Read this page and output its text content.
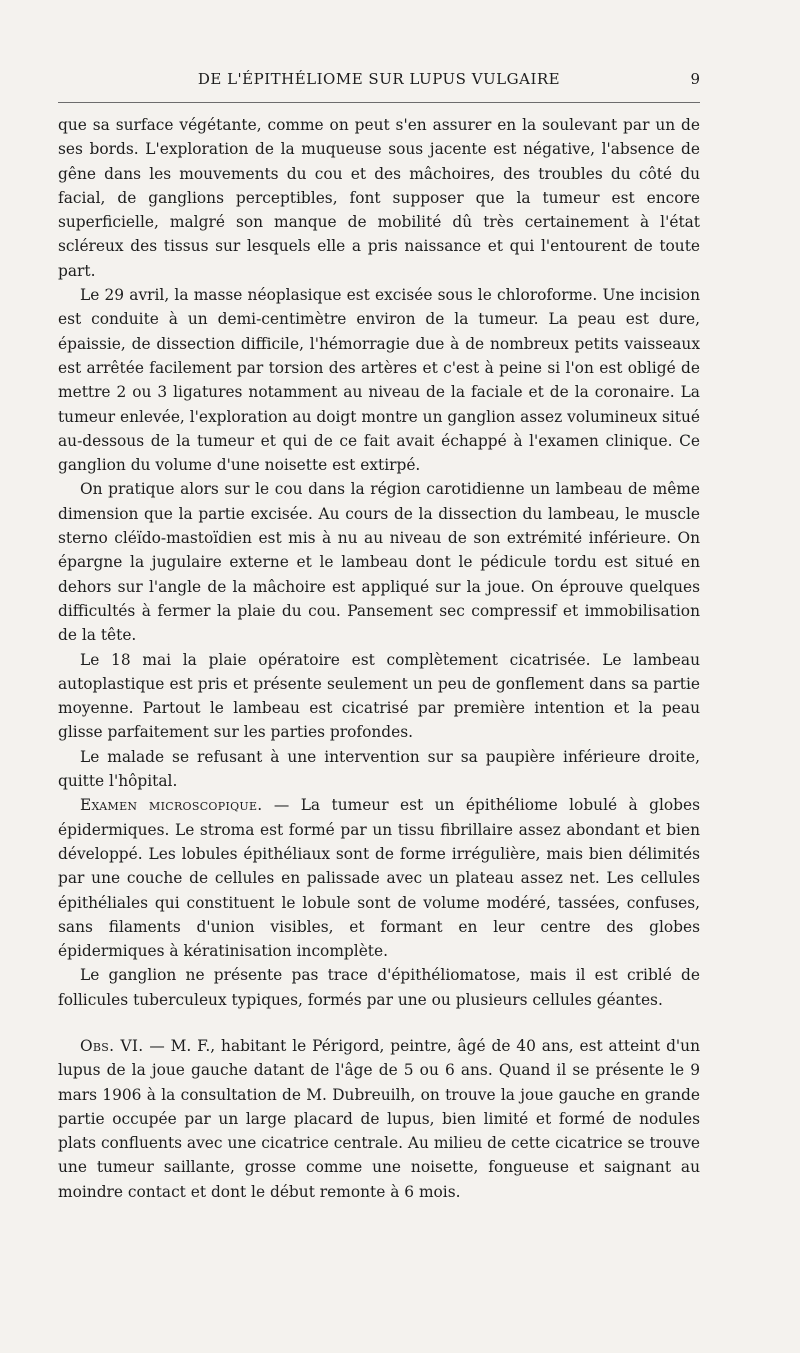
DE L'ÉPITHÉLIOME SUR LUPUS VULGAIRE	9

que sa surface végétante, comme on peut s'en assurer en la soulevant par un de ses bords. L'exploration de la muqueuse sous jacente est négative, l'absence de gêne dans les mouvements du cou et des mâchoires, des troubles du côté du facial, de ganglions perceptibles, font supposer que la tumeur est encore superficielle, malgré son manque de mobilité dû très certainement à l'état scléreux des tissus sur lesquels elle a pris naissance et qui l'entourent de toute part.

Le 29 avril, la masse néoplasique est excisée sous le chloroforme. Une incision est conduite à un demi-centimètre environ de la tumeur. La peau est dure, épaissie, de dissection difficile, l'hémorragie due à de nombreux petits vaisseaux est arrêtée facilement par torsion des artères et c'est à peine si l'on est obligé de mettre 2 ou 3 ligatures notamment au niveau de la faciale et de la coronaire. La tumeur enlevée, l'exploration au doigt montre un ganglion assez volumineux situé au-dessous de la tumeur et qui de ce fait avait échappé à l'examen clinique. Ce ganglion du volume d'une noisette est extirpé.

On pratique alors sur le cou dans la région carotidienne un lambeau de même dimension que la partie excisée. Au cours de la dissection du lambeau, le muscle sterno cléïdo-mastoïdien est mis à nu au niveau de son extrémité inférieure. On épargne la jugulaire externe et le lambeau dont le pédicule tordu est situé en dehors sur l'angle de la mâchoire est appliqué sur la joue. On éprouve quelques difficultés à fermer la plaie du cou. Pansement sec compressif et immobilisation de la tête.

Le 18 mai la plaie opératoire est complètement cicatrisée. Le lambeau autoplastique est pris et présente seulement un peu de gonflement dans sa partie moyenne. Partout le lambeau est cicatrisé par première intention et la peau glisse parfaitement sur les parties profondes.

Le malade se refusant à une intervention sur sa paupière inférieure droite, quitte l'hôpital.

Examen microscopique. — La tumeur est un épithéliome lobulé à globes épidermiques. Le stroma est formé par un tissu fibrillaire assez abondant et bien développé. Les lobules épithéliaux sont de forme irrégulière, mais bien délimités par une couche de cellules en palissade avec un plateau assez net. Les cellules épithéliales qui constituent le lobule sont de volume modéré, tassées, confuses, sans filaments d'union visibles, et formant en leur centre des globes épidermiques à kératinisation incomplète.

Le ganglion ne présente pas trace d'épithéliomatose, mais il est criblé de follicules tuberculeux typiques, formés par une ou plusieurs cellules géantes.

Obs. VI. — M. F., habitant le Périgord, peintre, âgé de 40 ans, est atteint d'un lupus de la joue gauche datant de l'âge de 5 ou 6 ans. Quand il se présente le 9 mars 1906 à la consultation de M. Dubreuilh, on trouve la joue gauche en grande partie occupée par un large placard de lupus, bien limité et formé de nodules plats confluents avec une cicatrice centrale. Au milieu de cette cicatrice se trouve une tumeur saillante, grosse comme une noisette, fongueuse et saignant au moindre contact et dont le début remonte à 6 mois.
